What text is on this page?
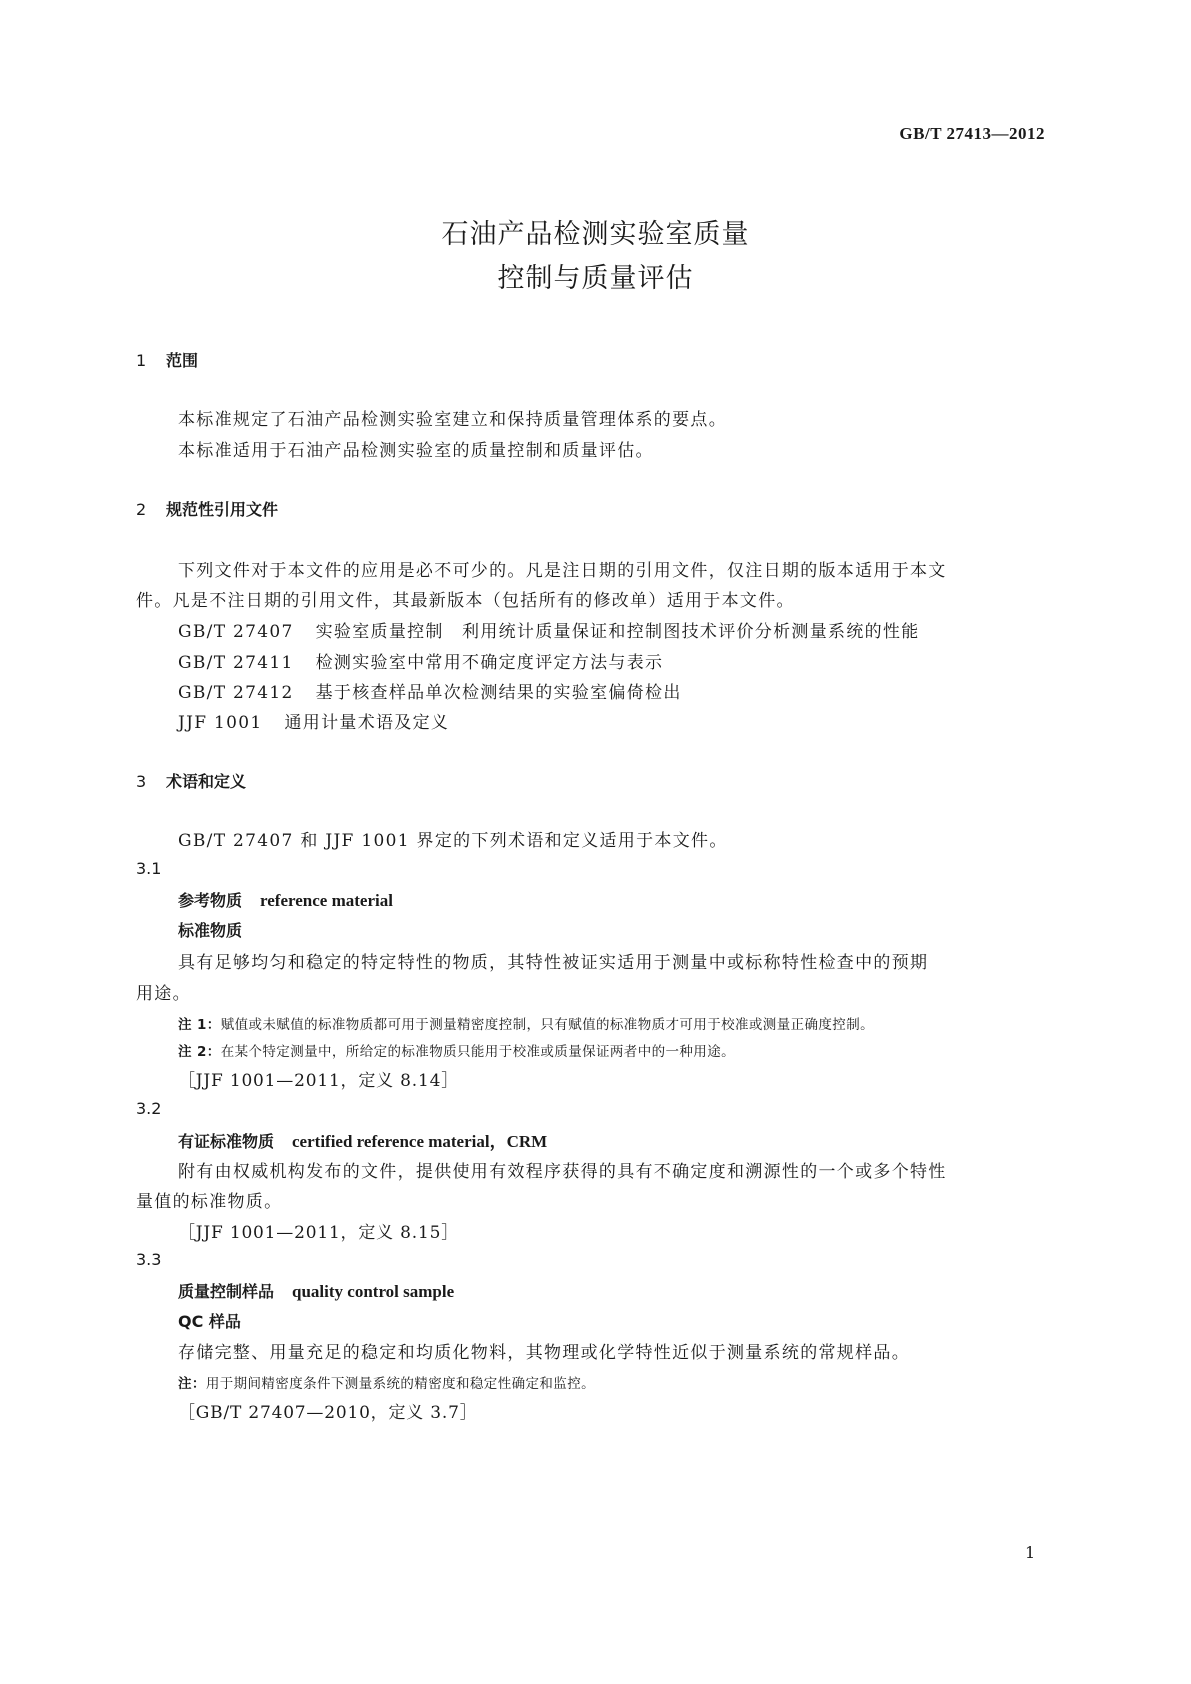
GB/T 27413—2012
石油产品检测实验室质量
控制与质量评估
1 范围
本标准规定了石油产品检测实验室建立和保持质量管理体系的要点。
本标准适用于石油产品检测实验室的质量控制和质量评估。
2 规范性引用文件
下列文件对于本文件的应用是必不可少的。凡是注日期的引用文件，仅注日期的版本适用于本文
件。凡是不注日期的引用文件，其最新版本（包括所有的修改单）适用于本文件。
GB/T 27407 实验室质量控制　利用统计质量保证和控制图技术评价分析测量系统的性能
GB/T 27411 检测实验室中常用不确定度评定方法与表示
GB/T 27412 基于核查样品单次检测结果的实验室偏倚检出
JJF 1001 通用计量术语及定义
3 术语和定义
GB/T 27407 和 JJF 1001 界定的下列术语和定义适用于本文件。
3.1
参考物质 reference material
标准物质
具有足够均匀和稳定的特定特性的物质，其特性被证实适用于测量中或标称特性检查中的预期
用途。
注 1：赋值或未赋值的标准物质都可用于测量精密度控制，只有赋值的标准物质才可用于校准或测量正确度控制。
注 2：在某个特定测量中，所给定的标准物质只能用于校准或质量保证两者中的一种用途。
［JJF 1001—2011，定义 8.14］
3.2
有证标准物质 certified reference material，CRM
附有由权威机构发布的文件，提供使用有效程序获得的具有不确定度和溯源性的一个或多个特性
量值的标准物质。
［JJF 1001—2011，定义 8.15］
3.3
质量控制样品 quality control sample
QC 样品
存储完整、用量充足的稳定和均质化物料，其物理或化学特性近似于测量系统的常规样品。
注：用于期间精密度条件下测量系统的精密度和稳定性确定和监控。
［GB/T 27407—2010，定义 3.7］
1
